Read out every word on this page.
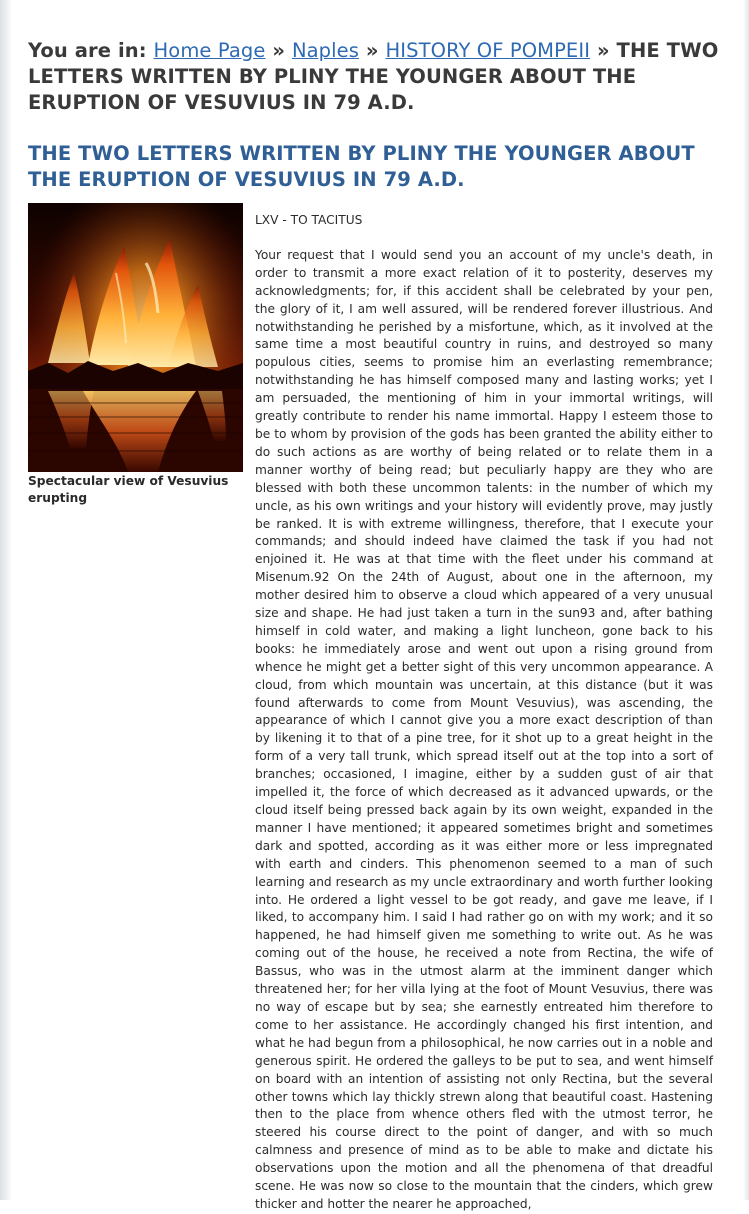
You are in: Home Page » Naples » HISTORY OF POMPEII » THE TWO LETTERS WRITTEN BY PLINY THE YOUNGER ABOUT THE ERUPTION OF VESUVIUS IN 79 A.D.
THE TWO LETTERS WRITTEN BY PLINY THE YOUNGER ABOUT THE ERUPTION OF VESUVIUS IN 79 A.D.
Spectacular view of Vesuvius erupting
LXV - TO TACITUS

Your request that I would send you an account of my uncle's death, in order to transmit a more exact relation of it to posterity, deserves my acknowledgments; for, if this accident shall be celebrated by your pen, the glory of it, I am well assured, will be rendered forever illustrious. And notwithstanding he perished by a misfortune, which, as it involved at the same time a most beautiful country in ruins, and destroyed so many populous cities, seems to promise him an everlasting remembrance; notwithstanding he has himself composed many and lasting works; yet I am persuaded, the mentioning of him in your immortal writings, will greatly contribute to render his name immortal. Happy I esteem those to be to whom by provision of the gods has been granted the ability either to do such actions as are worthy of being related or to relate them in a manner worthy of being read; but peculiarly happy are they who are blessed with both these uncommon talents: in the number of which my uncle, as his own writings and your history will evidently prove, may justly be ranked. It is with extreme willingness, therefore, that I execute your commands; and should indeed have claimed the task if you had not enjoined it. He was at that time with the fleet under his command at Misenum.92 On the 24th of August, about one in the afternoon, my mother desired him to observe a cloud which appeared of a very unusual size and shape. He had just taken a turn in the sun93 and, after bathing himself in cold water, and making a light luncheon, gone back to his books: he immediately arose and went out upon a rising ground from whence he might get a better sight of this very uncommon appearance. A cloud, from which mountain was uncertain, at this distance (but it was found afterwards to come from Mount Vesuvius), was ascending, the appearance of which I cannot give you a more exact description of than by likening it to that of a pine tree, for it shot up to a great height in the form of a very tall trunk, which spread itself out at the top into a sort of branches; occasioned, I imagine, either by a sudden gust of air that impelled it, the force of which decreased as it advanced upwards, or the cloud itself being pressed back again by its own weight, expanded in the manner I have mentioned; it appeared sometimes bright and sometimes dark and spotted, according as it was either more or less impregnated with earth and cinders. This phenomenon seemed to a man of such learning and research as my uncle extraordinary and worth further looking into. He ordered a light vessel to be got ready, and gave me leave, if I liked, to accompany him. I said I had rather go on with my work; and it so happened, he had himself given me something to write out. As he was coming out of the house, he received a note from Rectina, the wife of Bassus, who was in the utmost alarm at the imminent danger which threatened her; for her villa lying at the foot of Mount Vesuvius, there was no way of escape but by sea; she earnestly entreated him therefore to come to her assistance. He accordingly changed his first intention, and what he had begun from a philosophical, he now carries out in a noble and generous spirit. He ordered the galleys to be put to sea, and went himself on board with an intention of assisting not only Rectina, but the several other towns which lay thickly strewn along that beautiful coast. Hastening then to the place from whence others fled with the utmost terror, he steered his course direct to the point of danger, and with so much calmness and presence of mind as to be able to make and dictate his observations upon the motion and all the phenomena of that dreadful scene. He was now so close to the mountain that the cinders, which grew thicker and hotter the nearer he approached,
